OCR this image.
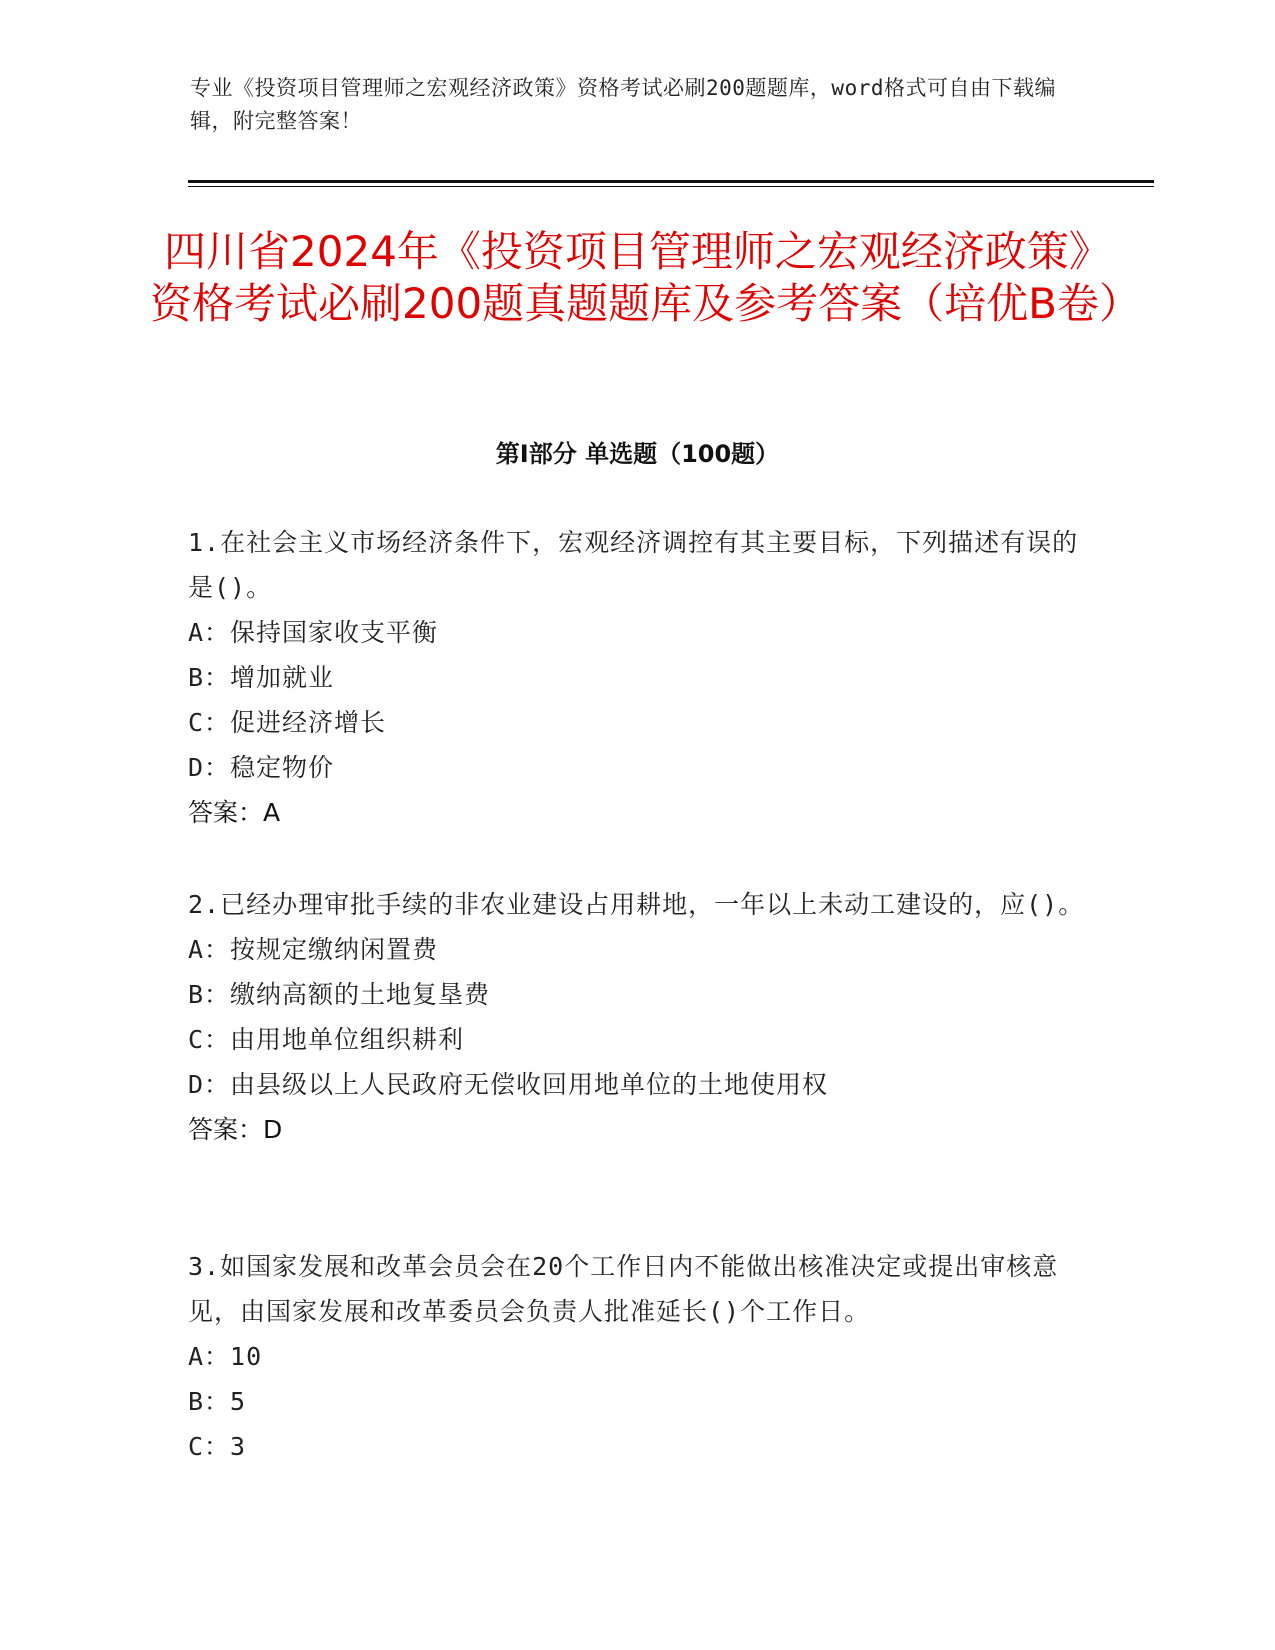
专业《投资项目管理师之宏观经济政策》资格考试必刷200题题库，word格式可自由下载编辑，附完整答案！
四川省2024年《投资项目管理师之宏观经济政策》资格考试必刷200题真题题库及参考答案（培优B卷）
第Ⅰ部分 单选题（100题）

1.在社会主义市场经济条件下，宏观经济调控有其主要目标，下列描述有误的是()。

A：保持国家收支平衡

B：增加就业

C：促进经济增长

D：稳定物价

答案：A

2.已经办理审批手续的非农业建设占用耕地，一年以上未动工建设的，应()。

A：按规定缴纳闲置费

B：缴纳高额的土地复垦费

C：由用地单位组织耕利

D：由县级以上人民政府无偿收回用地单位的土地使用权

答案：D

3.如国家发展和改革会员会在20个工作日内不能做出核准决定或提出审核意见，由国家发展和改革委员会负责人批准延长()个工作日。

A：10

B：5

C：3
